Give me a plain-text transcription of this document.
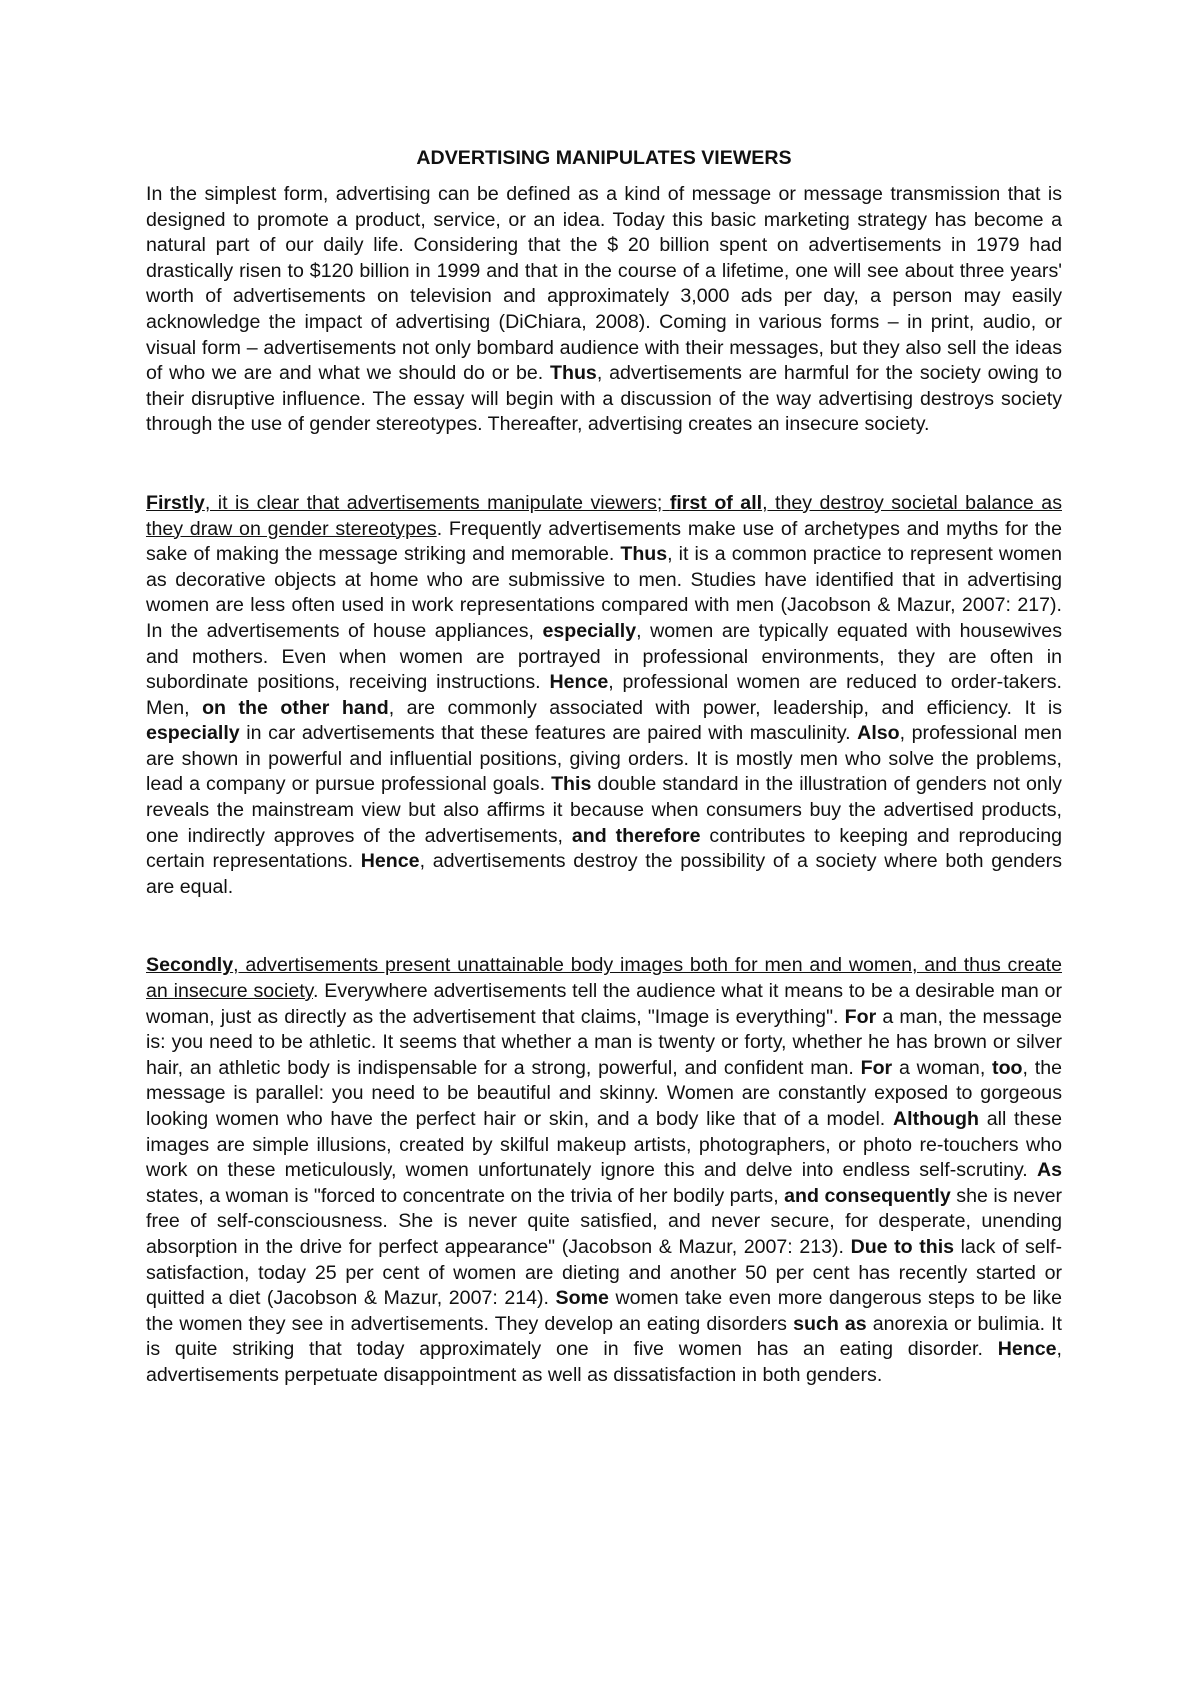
ADVERTISING MANIPULATES VIEWERS

In the simplest form, advertising can be defined as a kind of message or message transmission that is designed to promote a product, service, or an idea. Today this basic marketing strategy has become a natural part of our daily life. Considering that the $ 20 billion spent on advertisements in 1979 had drastically risen to $120 billion in 1999 and that in the course of a lifetime, one will see about three years' worth of advertisements on television and approximately 3,000 ads per day, a person may easily acknowledge the impact of advertising (DiChiara, 2008). Coming in various forms – in print, audio, or visual form – advertisements not only bombard audience with their messages, but they also sell the ideas of who we are and what we should do or be. Thus, advertisements are harmful for the society owing to their disruptive influence. The essay will begin with a discussion of the way advertising destroys society through the use of gender stereotypes. Thereafter, advertising creates an insecure society.

Firstly, it is clear that advertisements manipulate viewers; first of all, they destroy societal balance as they draw on gender stereotypes. Frequently advertisements make use of archetypes and myths for the sake of making the message striking and memorable. Thus, it is a common practice to represent women as decorative objects at home who are submissive to men. Studies have identified that in advertising women are less often used in work representations compared with men (Jacobson & Mazur, 2007: 217). In the advertisements of house appliances, especially, women are typically equated with housewives and mothers. Even when women are portrayed in professional environments, they are often in subordinate positions, receiving instructions. Hence, professional women are reduced to order-takers. Men, on the other hand, are commonly associated with power, leadership, and efficiency. It is especially in car advertisements that these features are paired with masculinity. Also, professional men are shown in powerful and influential positions, giving orders. It is mostly men who solve the problems, lead a company or pursue professional goals. This double standard in the illustration of genders not only reveals the mainstream view but also affirms it because when consumers buy the advertised products, one indirectly approves of the advertisements, and therefore contributes to keeping and reproducing certain representations. Hence, advertisements destroy the possibility of a society where both genders are equal.

Secondly, advertisements present unattainable body images both for men and women, and thus create an insecure society. Everywhere advertisements tell the audience what it means to be a desirable man or woman, just as directly as the advertisement that claims, "Image is everything". For a man, the message is: you need to be athletic. It seems that whether a man is twenty or forty, whether he has brown or silver hair, an athletic body is indispensable for a strong, powerful, and confident man. For a woman, too, the message is parallel: you need to be beautiful and skinny. Women are constantly exposed to gorgeous looking women who have the perfect hair or skin, and a body like that of a model. Although all these images are simple illusions, created by skilful makeup artists, photographers, or photo re-touchers who work on these meticulously, women unfortunately ignore this and delve into endless self-scrutiny. As states, a woman is "forced to concentrate on the trivia of her bodily parts, and consequently she is never free of self-consciousness. She is never quite satisfied, and never secure, for desperate, unending absorption in the drive for perfect appearance" (Jacobson & Mazur, 2007: 213). Due to this lack of self-satisfaction, today 25 per cent of women are dieting and another 50 per cent has recently started or quitted a diet (Jacobson & Mazur, 2007: 214). Some women take even more dangerous steps to be like the women they see in advertisements. They develop an eating disorders such as anorexia or bulimia. It is quite striking that today approximately one in five women has an eating disorder. Hence, advertisements perpetuate disappointment as well as dissatisfaction in both genders.
